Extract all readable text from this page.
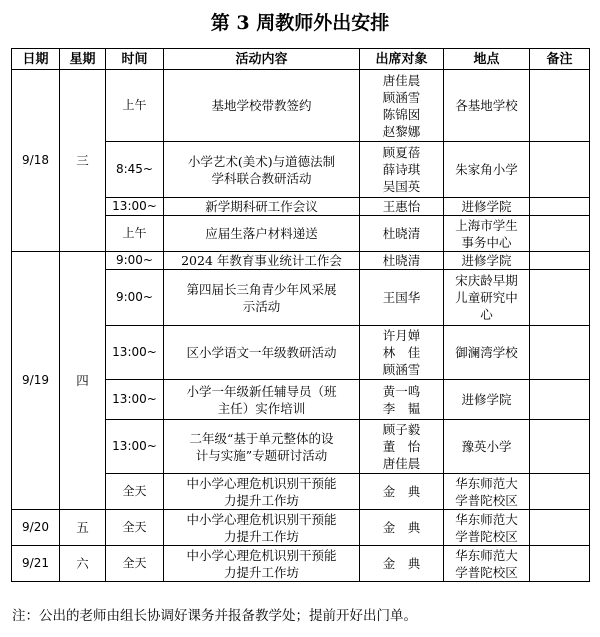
第 3 周教师外出安排
日期	星期	时间	活动内容	出席对象	地点	备注
9/18	三	上午	基地学校带教签约	唐佳晨
顾涵雪
陈锦囡
赵黎娜	各基地学校	
		8:45~	小学艺术(美术)与道德法制
学科联合教研活动	顾夏蓓
薛诗琪
吴国英	朱家角小学	
		13:00~	新学期科研工作会议	王惠怡	进修学院	
		上午	应届生落户材料递送	杜晓清	上海市学生
事务中心	
9/19	四	9:00~	2024 年教育事业统计工作会	杜晓清	进修学院	
		9:00~	第四届长三角青少年风采展
示活动	王国华	宋庆龄早期
儿童研究中
心	
		13:00~	区小学语文一年级教研活动	许月婵
林　佳
顾涵雪	御澜湾学校	
		13:00~	小学一年级新任辅导员（班
主任）实作培训	黄一鸣
李　韫	进修学院	
		13:00~	二年级“基于单元整体的设
计与实施”专题研讨活动	顾子毅
董　怡
唐佳晨	豫英小学	
		全天	中小学心理危机识别干预能
力提升工作坊	金　典	华东师范大
学普陀校区	
9/20	五	全天	中小学心理危机识别干预能
力提升工作坊	金　典	华东师范大
学普陀校区	
9/21	六	全天	中小学心理危机识别干预能
力提升工作坊	金　典	华东师范大
学普陀校区	
注：公出的老师由组长协调好课务并报备教学处；提前开好出门单。
